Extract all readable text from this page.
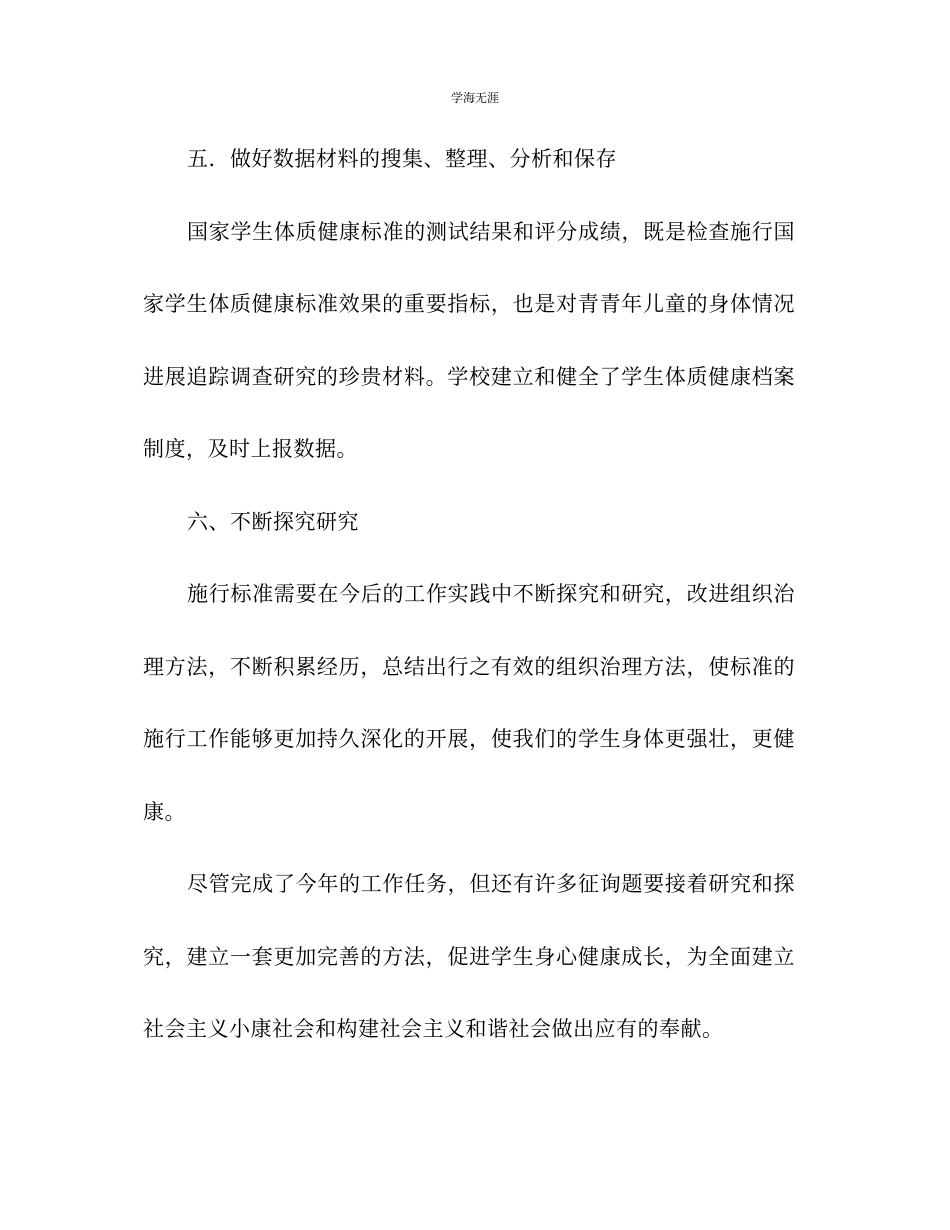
学海无涯

五．做好数据材料的搜集、整理、分析和保存

国家学生体质健康标准的测试结果和评分成绩，既是检查施行国家学生体质健康标准效果的重要指标，也是对青青年儿童的身体情况进展追踪调查研究的珍贵材料。学校建立和健全了学生体质健康档案制度，及时上报数据。

六、不断探究研究

施行标准需要在今后的工作实践中不断探究和研究，改进组织治理方法，不断积累经历，总结出行之有效的组织治理方法，使标准的施行工作能够更加持久深化的开展，使我们的学生身体更强壮，更健康。

尽管完成了今年的工作任务，但还有许多征询题要接着研究和探究，建立一套更加完善的方法，促进学生身心健康成长，为全面建立社会主义小康社会和构建社会主义和谐社会做出应有的奉献。
